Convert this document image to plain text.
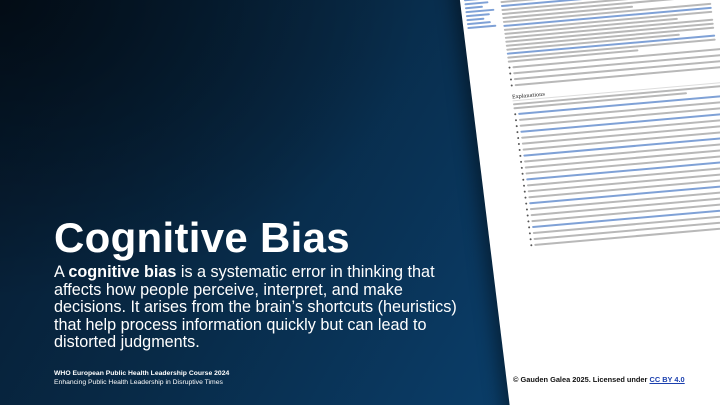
Explanations
Cognitive Bias

A cognitive bias is a systematic error in thinking that affects how people perceive, interpret, and make decisions. It arises from the brain’s shortcuts (heuristics) that help process information quickly but can lead to distorted judgments.

WHO European Public Health Leadership Course 2024
Enhancing Public Health Leadership in Disruptive Times	© Gauden Galea 2025. Licensed under CC BY 4.0
